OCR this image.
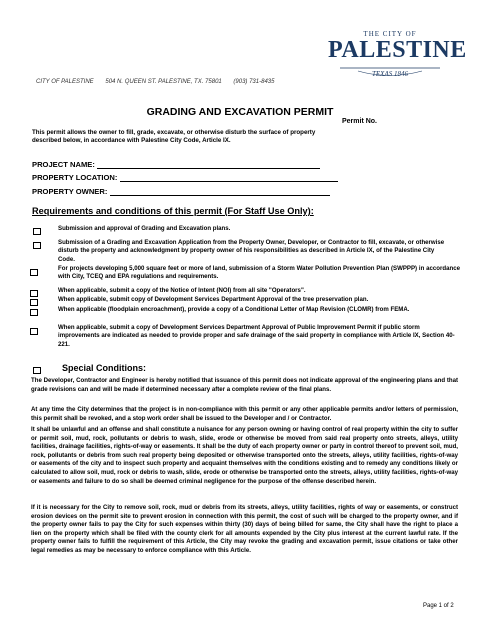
THE CITY OF
PALESTINE
TEXAS 1846
CITY OF PALESTINE 504 N. QUEEN ST. PALESTINE, TX. 75801 (903) 731-8435
GRADING AND EXCAVATION PERMIT
Permit No.
This permit allows the owner to fill, grade, excavate, or otherwise disturb the surface of property described below, in accordance with Palestine City Code, Article IX.
PROJECT NAME:
PROPERTY LOCATION:
PROPERTY OWNER:
Requirements and conditions of this permit (For Staff Use Only):
Submission and approval of Grading and Excavation plans.
Submission of a Grading and Excavation Application from the Property Owner, Developer, or Contractor to fill, excavate, or otherwise disturb the property and acknowledgment by property owner of his responsibilities as described in Article IX, of the Palestine City Code.
For projects developing 5,000 square feet or more of land, submission of a Storm Water Pollution Prevention Plan (SWPPP) in accordance with City, TCEQ and EPA regulations and requirements.
When applicable, submit a copy of the Notice of Intent (NOI) from all site "Operators".
When applicable, submit copy of Development Services Department Approval of the tree preservation plan.
When applicable (floodplain encroachment), provide a copy of a Conditional Letter of Map Revision (CLOMR) from FEMA.
When applicable, submit a copy of Development Services Department Approval of Public Improvement Permit if public storm improvements are indicated as needed to provide proper and safe drainage of the said property in compliance with Article IX, Section 40-221.
Special Conditions:
The Developer, Contractor and Engineer is hereby notified that issuance of this permit does not indicate approval of the engineering plans and that grade revisions can and will be made if determined necessary after a complete review of the final plans.
At any time the City determines that the project is in non-compliance with this permit or any other applicable permits and/or letters of permission, this permit shall be revoked, and a stop work order shall be issued to the Developer and / or Contractor.
It shall be unlawful and an offense and shall constitute a nuisance for any person owning or having control of real property within the city to suffer or permit soil, mud, rock, pollutants or debris to wash, slide, erode or otherwise be moved from said real property onto streets, alleys, utility facilities, drainage facilities, rights-of-way or easements. It shall be the duty of each property owner or party in control thereof to prevent soil, mud, rock, pollutants or debris from such real property being deposited or otherwise transported onto the streets, alleys, utility facilities, rights-of-way or easements of the city and to inspect such property and acquaint themselves with the conditions existing and to remedy any conditions likely or calculated to allow soil, mud, rock or debris to wash, slide, erode or otherwise be transported onto the streets, alleys, utility facilities, rights-of-way or easements and failure to do so shall be deemed criminal negligence for the purpose of the offense described herein.
If it is necessary for the City to remove soil, rock, mud or debris from its streets, alleys, utility facilities, rights of way or easements, or construct erosion devices on the permit site to prevent erosion in connection with this permit, the cost of such will be charged to the property owner, and if the property owner fails to pay the City for such expenses within thirty (30) days of being billed for same, the City shall have the right to place a lien on the property which shall be filed with the county clerk for all amounts expended by the City plus interest at the current lawful rate. If the property owner fails to fulfill the requirement of this Article, the City may revoke the grading and excavation permit, issue citations or take other legal remedies as may be necessary to enforce compliance with this Article.
Page 1 of 2
